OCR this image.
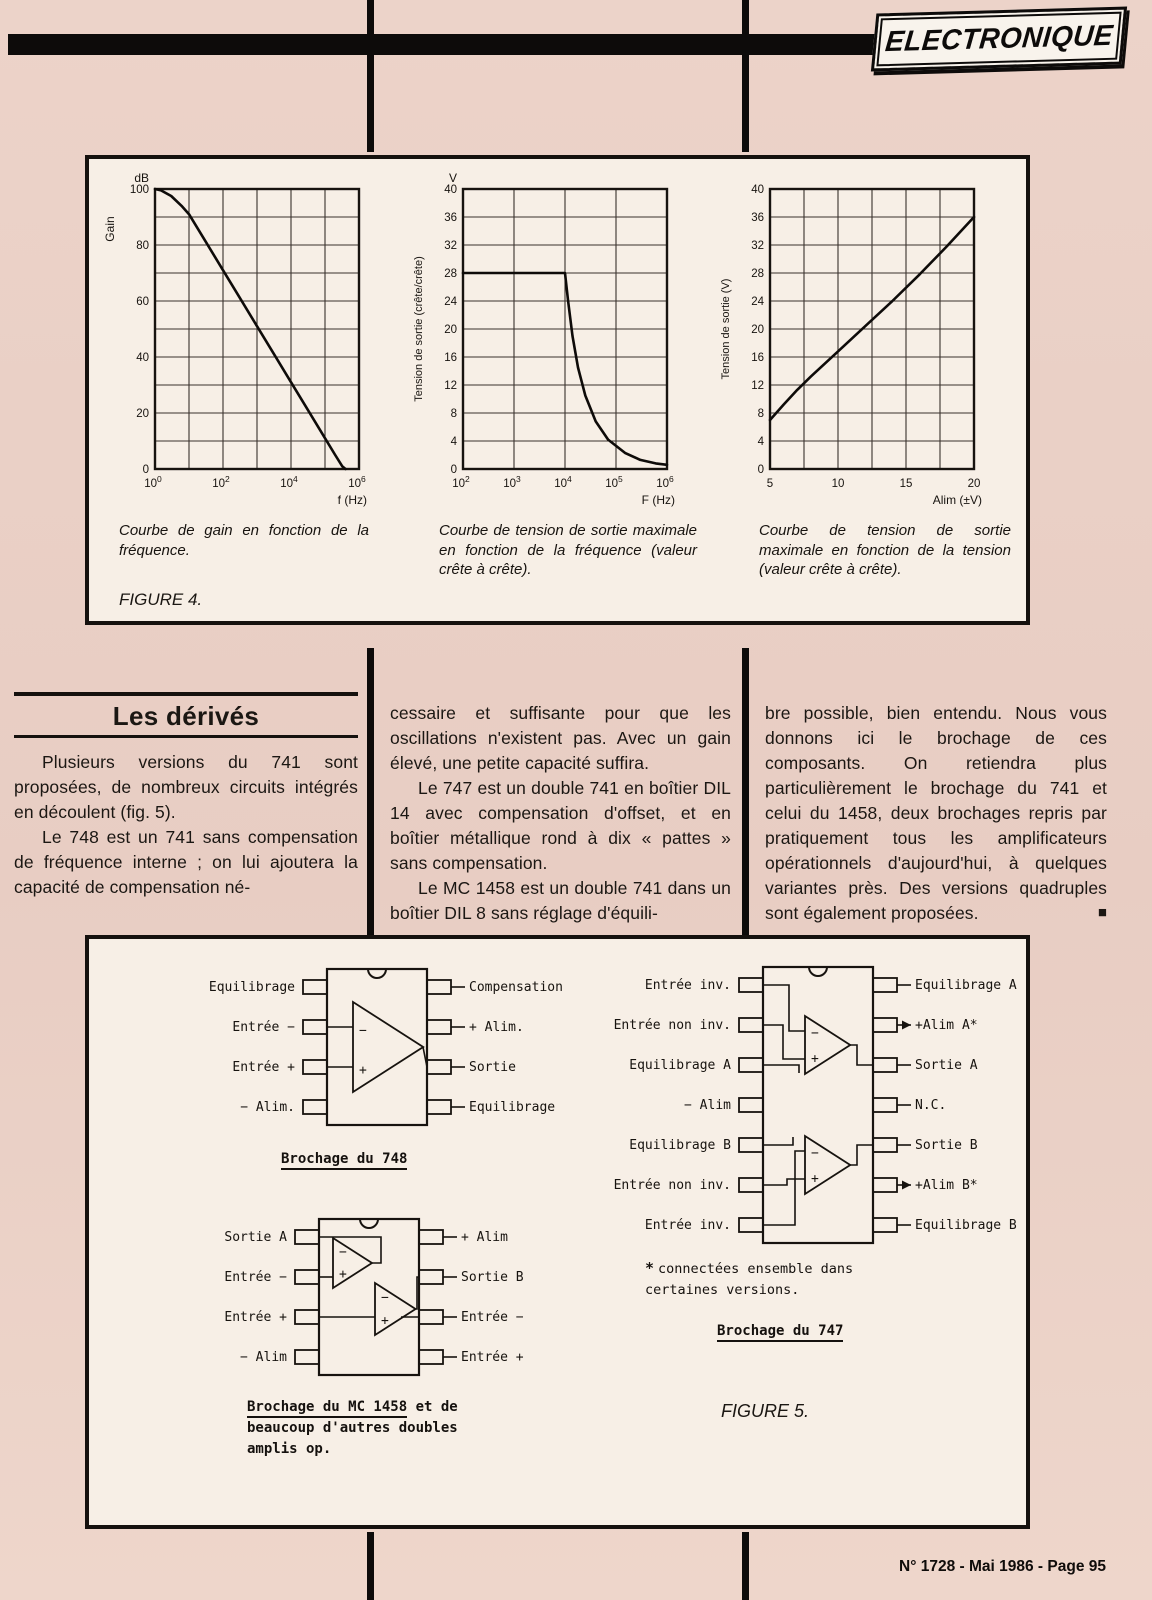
ELECTRONIQUE
0
20
40
60
80
100
dB
$10^0$	$10^2$	$10^4$	$10^6$
f (Hz)
Gain
0
4
8
12
16
20
24
28
32
36
40
V
$10^2$	$10^3$	$10^4$	$10^5$	$10^6$
F (Hz)
Tension de sortie (crête/crête)
0
4
8
12
16
20
24
28
32
36
40
5	10	15	20
Alim (±V)
Tension de sortie (V)
Courbe de gain en fonction de la fréquence.
Courbe de tension de sortie maximale en fonction de la fréquence (valeur crête à crête).
Courbe de tension de sortie maximale en fonction de la tension (valeur crête à crête).
FIGURE 4.
Les dérivés

Plusieurs versions du 741 sont proposées, de nombreux circuits intégrés en découlent (fig. 5).

Le 748 est un 741 sans compensation de fréquence interne ; on lui ajoutera la capacité de compensation né-

cessaire et suffisante pour que les oscillations n'existent pas. Avec un gain élevé, une petite capacité suffira.

Le 747 est un double 741 en boîtier DIL 14 avec compensation d'offset, et en boîtier métallique rond à dix « pattes » sans compensation.

Le MC 1458 est un double 741 dans un boîtier DIL 8 sans réglage d'équili-

bre possible, bien entendu. Nous vous donnons ici le brochage de ces composants. On retiendra plus particulièrement le brochage du 741 et celui du 1458, deux brochages repris par pratiquement tous les amplificateurs opérationnels d'aujourd'hui, à quelques variantes près. Des versions quadruples sont également proposées.	■

Equilibrage	Compensation
Entrée −	+ Alim.
Entrée +	Sortie
− Alim.	Equilibrage
−
+
Brochage du 748
Sortie A	+ Alim
Entrée −	Sortie B
Entrée +	Entrée −
− Alim	Entrée +
−
+
−
+
Brochage du MC 1458 et de beaucoup d'autres doubles amplis op.
Entrée inv.	Equilibrage A
Entrée non inv.	+Alim A*
Equilibrage A	Sortie A
− Alim	N.C.
Equilibrage B	Sortie B
Entrée non inv.	+Alim B*
Entrée inv.	Equilibrage B
−
+
−
+
* connectées ensemble dans certaines versions.
Brochage du 747
FIGURE 5.
N° 1728 - Mai 1986 - Page 95
